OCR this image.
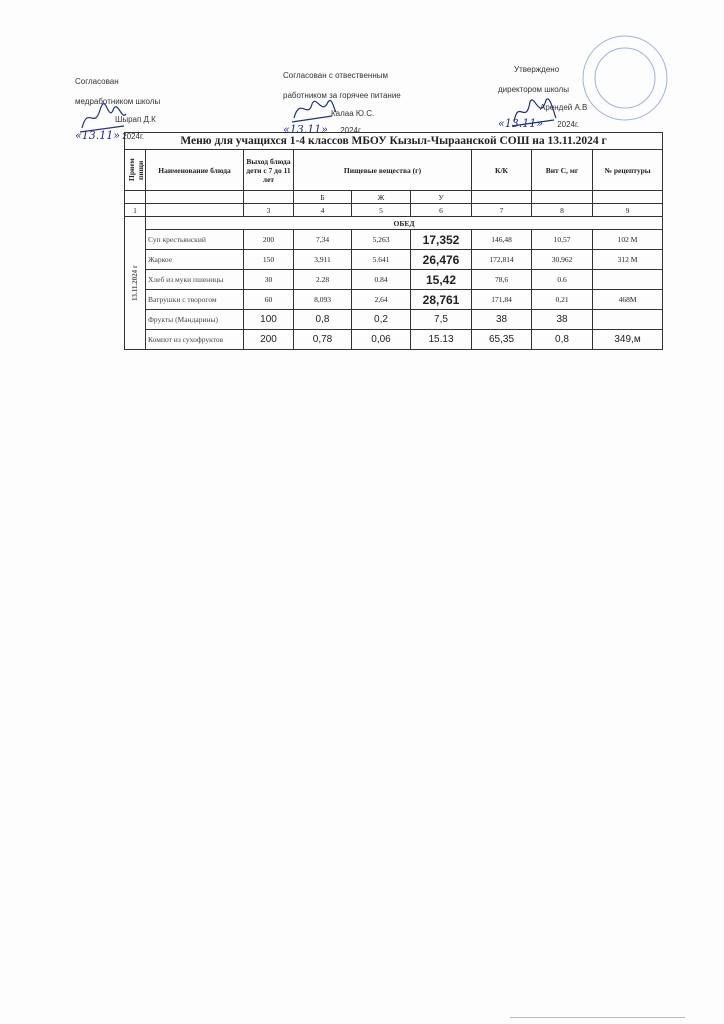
Согласован
медработником школы
Шырап Д.К
«13.11» 2024г.
Согласован с отвественным
работником за горячее питание
Калаа Ю.С.
«13.11» 2024г.
Утверждено
директором школы
Арендей А.В
«13.11» 2024г.
Меню для учащихся 1-4 классов МБОУ Кызыл-Чыраанской СОШ на 13.11.2024 г								

Прием пищи	Наименование блюда	Выход блюда дети с 7 до 11 лет	Пищевые вещества (г)			К/К	Вит С, мг	№ рецептуры
			Б	Ж	У			
1		3	4	5	6	7	8	9

13.11.2024 г	ОБЕД							
	Суп крестьянский	200	7,34	5,263	17,352	146,48	10,57	102 М
	Жаркое	150	3,911	5.641	26,476	172,814	30,962	312 М
	Хлеб из муки пшеницы	30	2.28	0.84	15,42	78,6	0.6	
	Ватрушки с творогом	60	8,093	2,64	28,761	171,84	0,21	468М
	Фрукты (Мандарины)	100	0,8	0,2	7,5	38	38	
	Компот из сухофруктов	200	0,78	0,06	15.13	65,35	0,8	349,м
